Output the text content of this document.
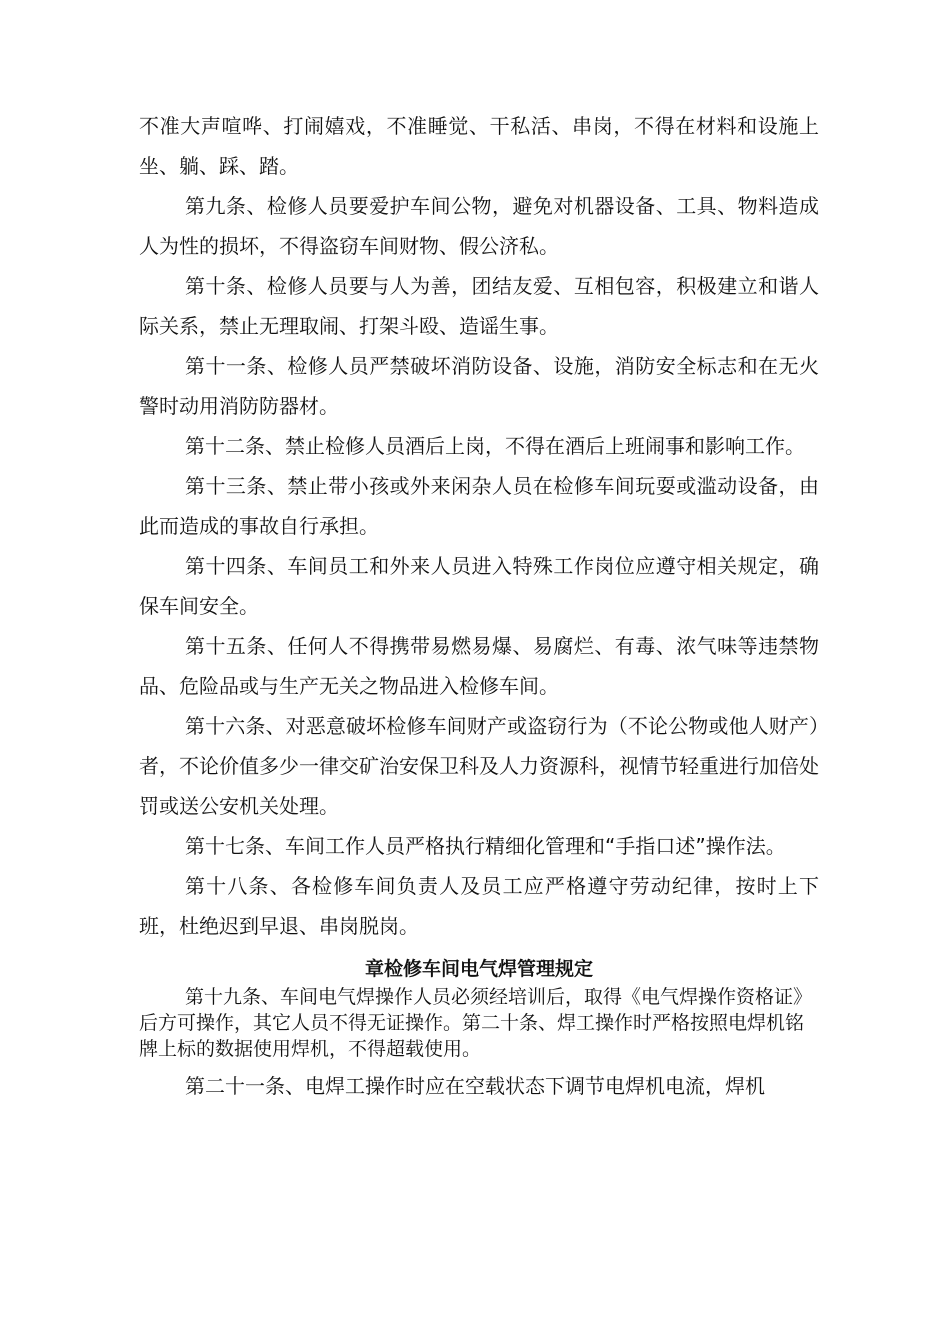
不准大声喧哗、打闹嬉戏，不准睡觉、干私活、串岗，不得在材料和设施上坐、躺、踩、踏。

第九条、检修人员要爱护车间公物，避免对机器设备、工具、物料造成人为性的损坏，不得盗窃车间财物、假公济私。

第十条、检修人员要与人为善，团结友爱、互相包容，积极建立和谐人际关系，禁止无理取闹、打架斗殴、造谣生事。

第十一条、检修人员严禁破坏消防设备、设施，消防安全标志和在无火警时动用消防防器材。

第十二条、禁止检修人员酒后上岗，不得在酒后上班闹事和影响工作。

第十三条、禁止带小孩或外来闲杂人员在检修车间玩耍或滥动设备，由此而造成的事故自行承担。

第十四条、车间员工和外来人员进入特殊工作岗位应遵守相关规定，确保车间安全。

第十五条、任何人不得携带易燃易爆、易腐烂、有毒、浓气味等违禁物品、危险品或与生产无关之物品进入检修车间。

第十六条、对恶意破坏检修车间财产或盗窃行为（不论公物或他人财产）者，不论价值多少一律交矿治安保卫科及人力资源科，视情节轻重进行加倍处罚或送公安机关处理。

第十七条、车间工作人员严格执行精细化管理和“手指口述”操作法。

第十八条、各检修车间负责人及员工应严格遵守劳动纪律，按时上下班，杜绝迟到早退、串岗脱岗。

章检修车间电气焊管理规定

第十九条、车间电气焊操作人员必须经培训后，取得《电气焊操作资格证》后方可操作，其它人员不得无证操作。第二十条、焊工操作时严格按照电焊机铭牌上标的数据使用焊机，不得超载使用。

第二十一条、电焊工操作时应在空载状态下调节电焊机电流，焊机
